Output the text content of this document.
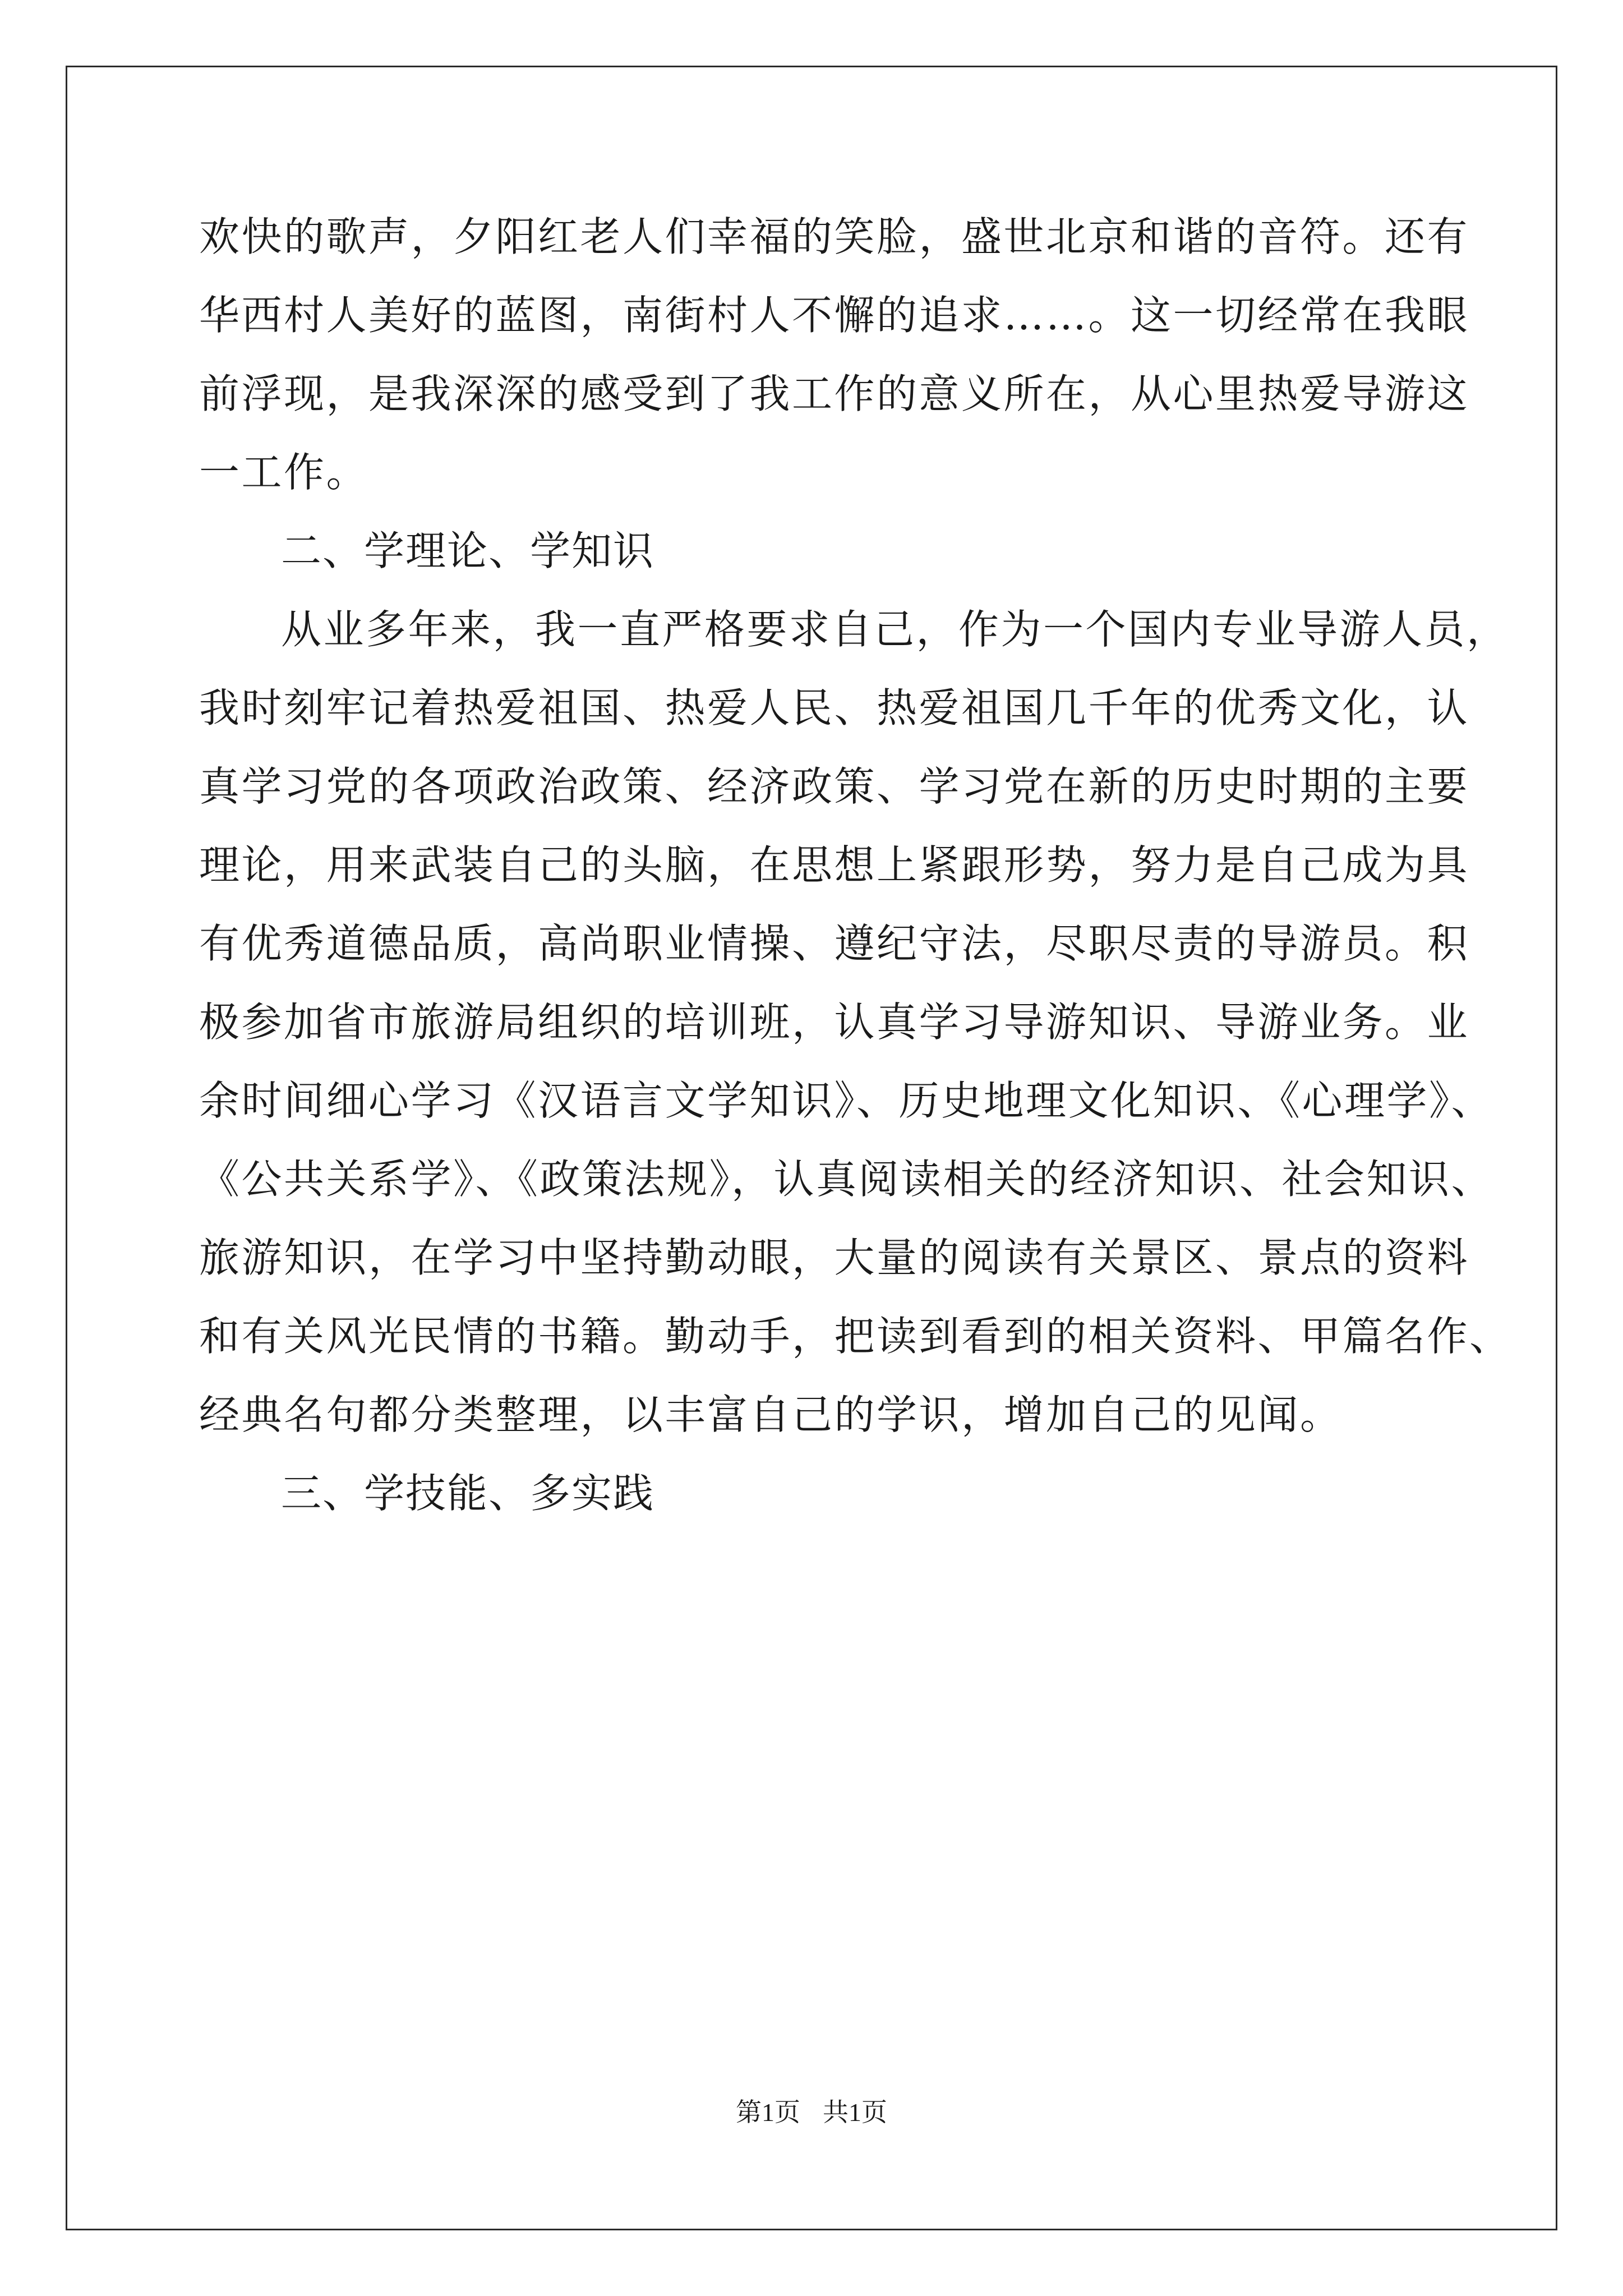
欢快的歌声，夕阳红老人们幸福的笑脸，盛世北京和谐的音符。还有
华西村人美好的蓝图，南街村人不懈的追求……。这一切经常在我眼
前浮现，是我深深的感受到了我工作的意义所在，从心里热爱导游这
一工作。
二、学理论、学知识
从业多年来，我一直严格要求自己，作为一个国内专业导游人员，
我时刻牢记着热爱祖国、热爱人民、热爱祖国几千年的优秀文化，认
真学习党的各项政治政策、经济政策、学习党在新的历史时期的主要
理论，用来武装自己的头脑，在思想上紧跟形势，努力是自己成为具
有优秀道德品质，高尚职业情操、遵纪守法，尽职尽责的导游员。积
极参加省市旅游局组织的培训班，认真学习导游知识、导游业务。业
余时间细心学习《汉语言文学知识》、历史地理文化知识、《心理学》、
《公共关系学》、《政策法规》，认真阅读相关的经济知识、社会知识、
旅游知识，在学习中坚持勤动眼，大量的阅读有关景区、景点的资料
和有关风光民情的书籍。勤动手，把读到看到的相关资料、甲篇名作、
经典名句都分类整理，以丰富自己的学识，增加自己的见闻。
三、学技能、多实践
第1页 共1页
